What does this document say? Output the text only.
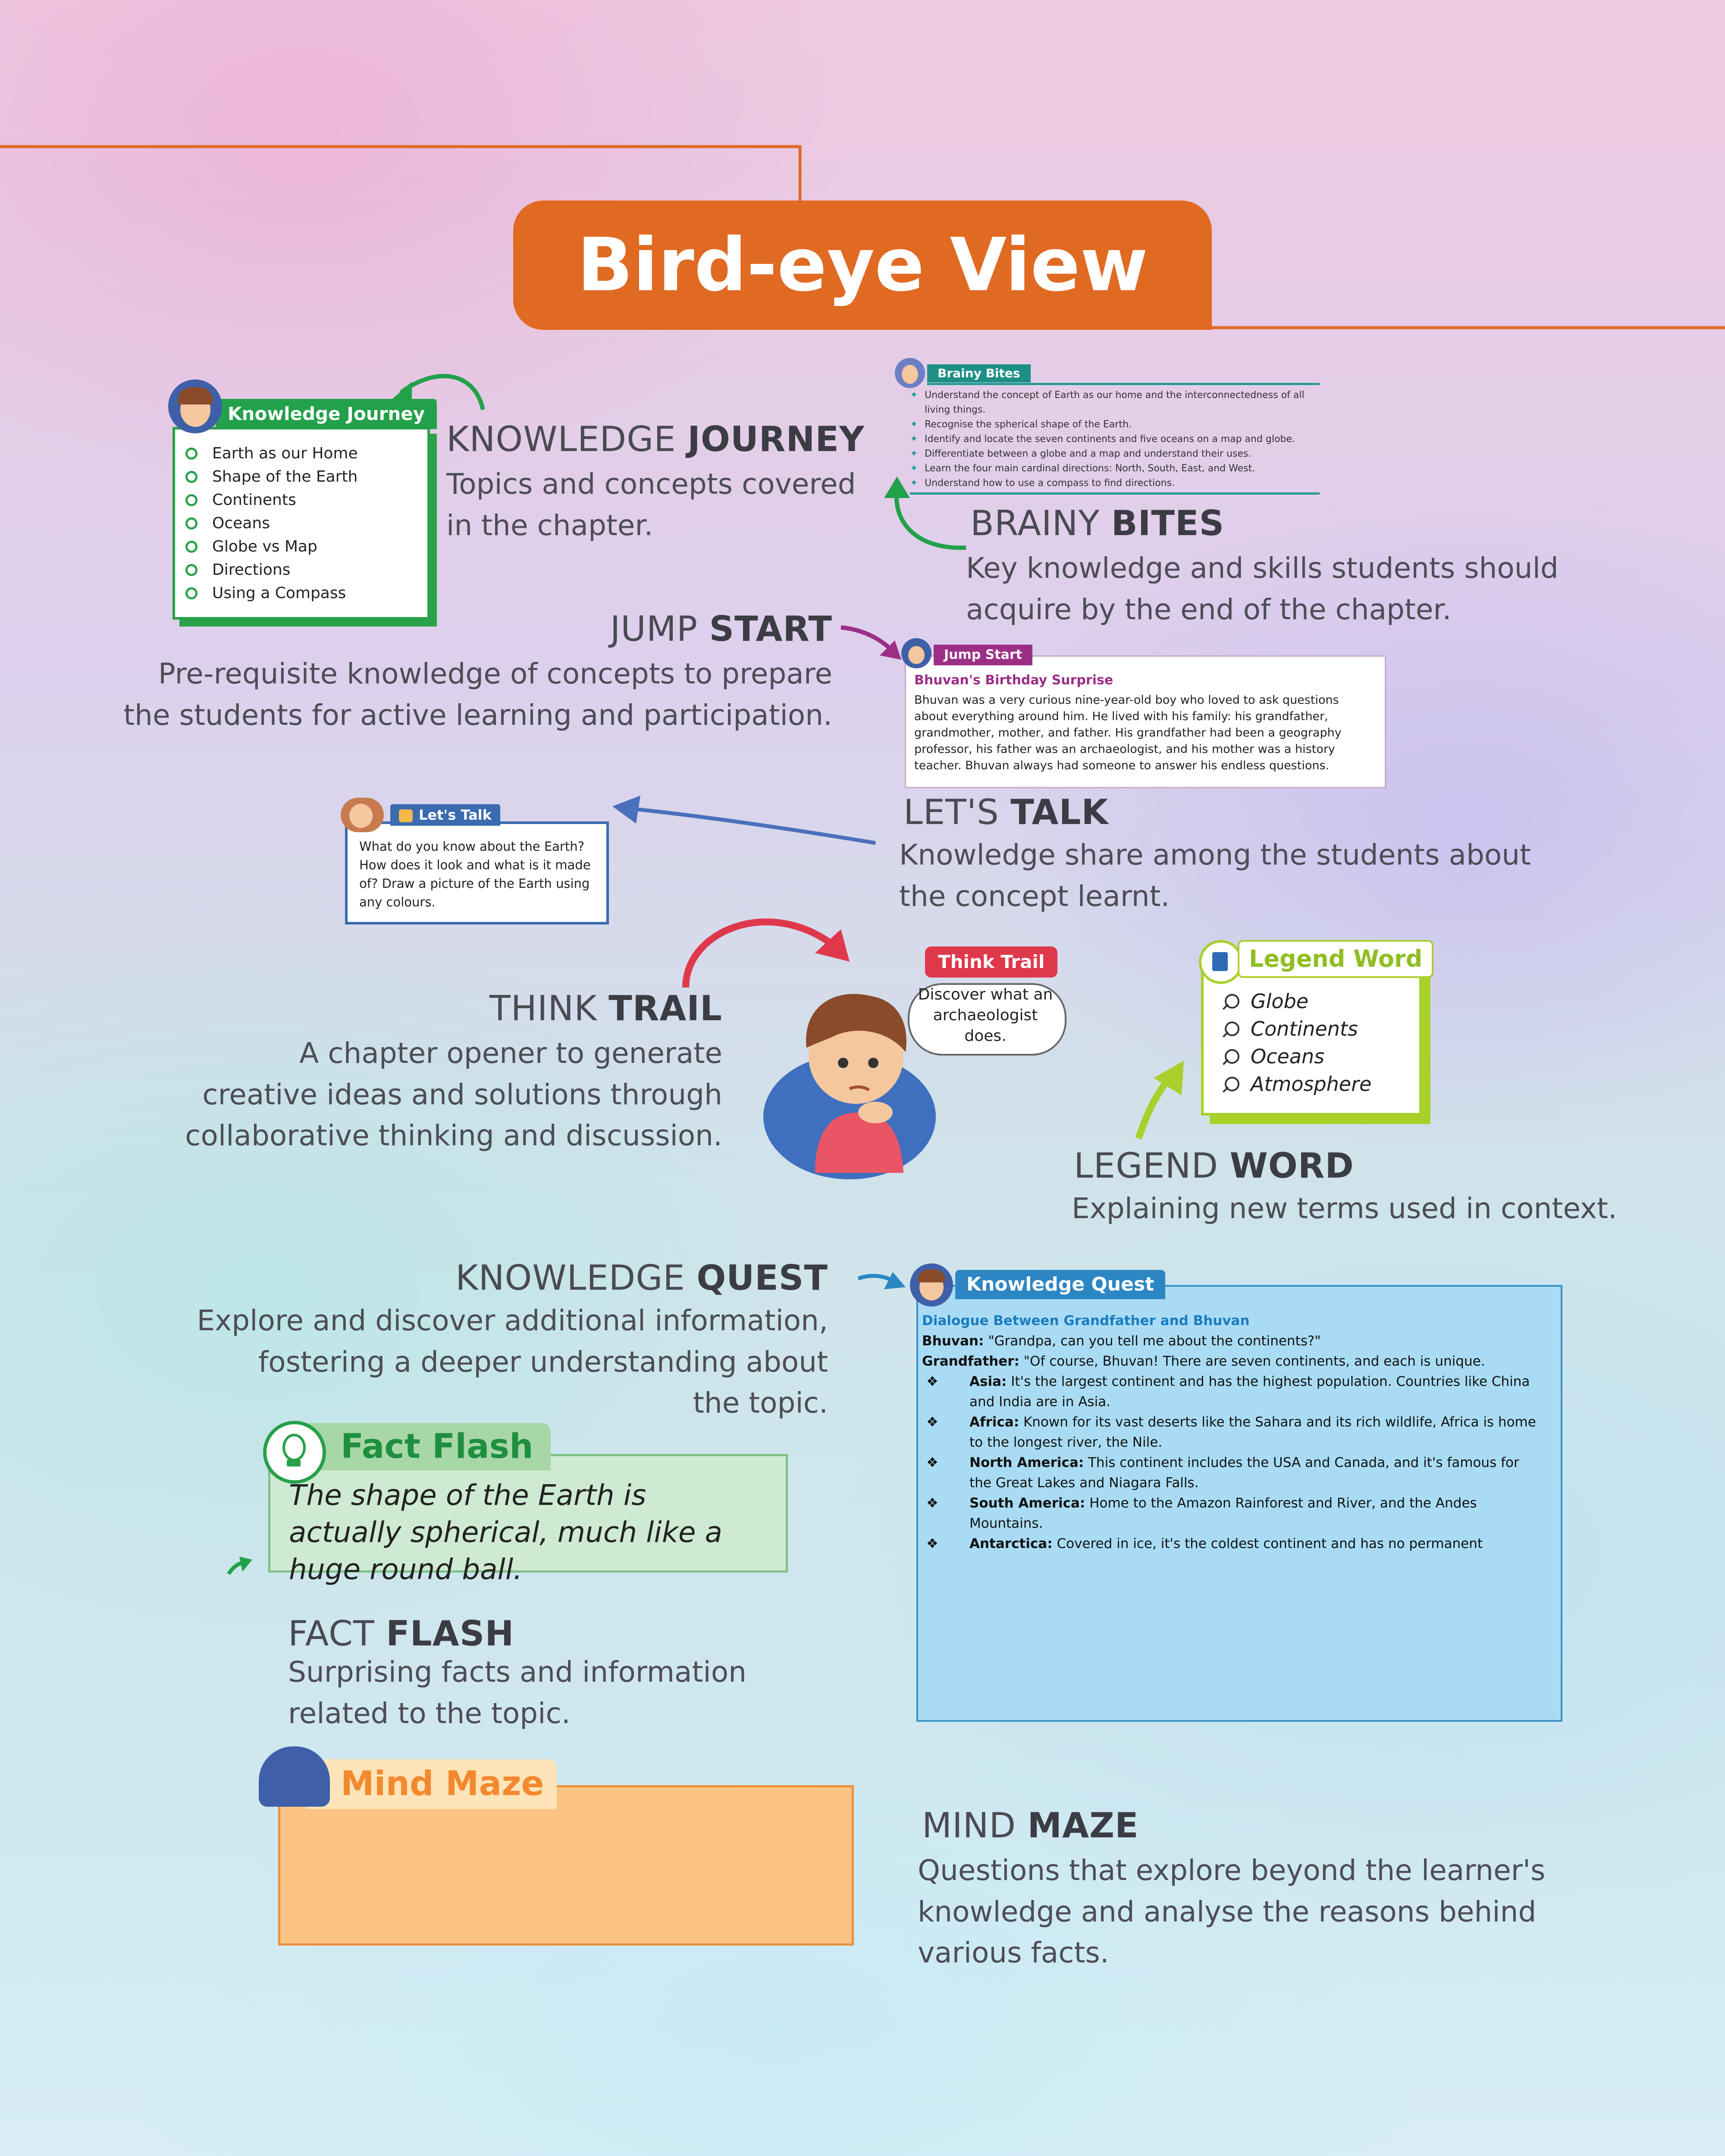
Bird-eye View
Knowledge Journey
Earth as our Home
Shape of the Earth
Continents
Oceans
Globe vs Map
Directions
Using a Compass
KNOWLEDGE JOURNEY
Topics and concepts covered
in the chapter.
Brainy Bites
✦ Understand the concept of Earth as our home and the interconnectedness of all living things.
✦ Recognise the spherical shape of the Earth.
✦ Identify and locate the seven continents and five oceans on a map and globe.
✦ Differentiate between a globe and a map and understand their uses.
✦ Learn the four main cardinal directions: North, South, East, and West.
✦ Understand how to use a compass to find directions.
BRAINY BITES
Key knowledge and skills students should
acquire by the end of the chapter.
JUMP START
Pre-requisite knowledge of concepts to prepare
the students for active learning and participation.
Jump Start
Bhuvan's Birthday Surprise
Bhuvan was a very curious nine-year-old boy who loved to ask questions about everything around him. He lived with his family: his grandfather, grandmother, mother, and father. His grandfather had been a geography professor, his father was an archaeologist, and his mother was a history teacher. Bhuvan always had someone to answer his endless questions.
Let's Talk
What do you know about the Earth? How does it look and what is it made of? Draw a picture of the Earth using any colours.
LET'S TALK
Knowledge share among the students about
the concept learnt.
THINK TRAIL
A chapter opener to generate
creative ideas and solutions through
collaborative thinking and discussion.
Think Trail
Discover what an archaeologist does.
Legend Word
Globe
Continents
Oceans
Atmosphere
LEGEND WORD
Explaining new terms used in context.
KNOWLEDGE QUEST
Explore and discover additional information,
fostering a deeper understanding about
the topic.
Knowledge Quest
Dialogue Between Grandfather and Bhuvan
Bhuvan: "Grandpa, can you tell me about the continents?"
Grandfather: "Of course, Bhuvan! There are seven continents, and each is unique.
❖	Asia: It's the largest continent and has the highest population. Countries like China and India are in Asia.
❖	Africa: Known for its vast deserts like the Sahara and its rich wildlife, Africa is home to the longest river, the Nile.
❖	North America: This continent includes the USA and Canada, and it's famous for the Great Lakes and Niagara Falls.
❖	South America: Home to the Amazon Rainforest and River, and the Andes Mountains.
❖	Antarctica: Covered in ice, it's the coldest continent and has no permanent
Fact Flash
The shape of the Earth is actually spherical, much like a huge round ball.
FACT FLASH
Surprising facts and information
related to the topic.
Mind Maze
MIND MAZE
Questions that explore beyond the learner's
knowledge and analyse the reasons behind
various facts.
